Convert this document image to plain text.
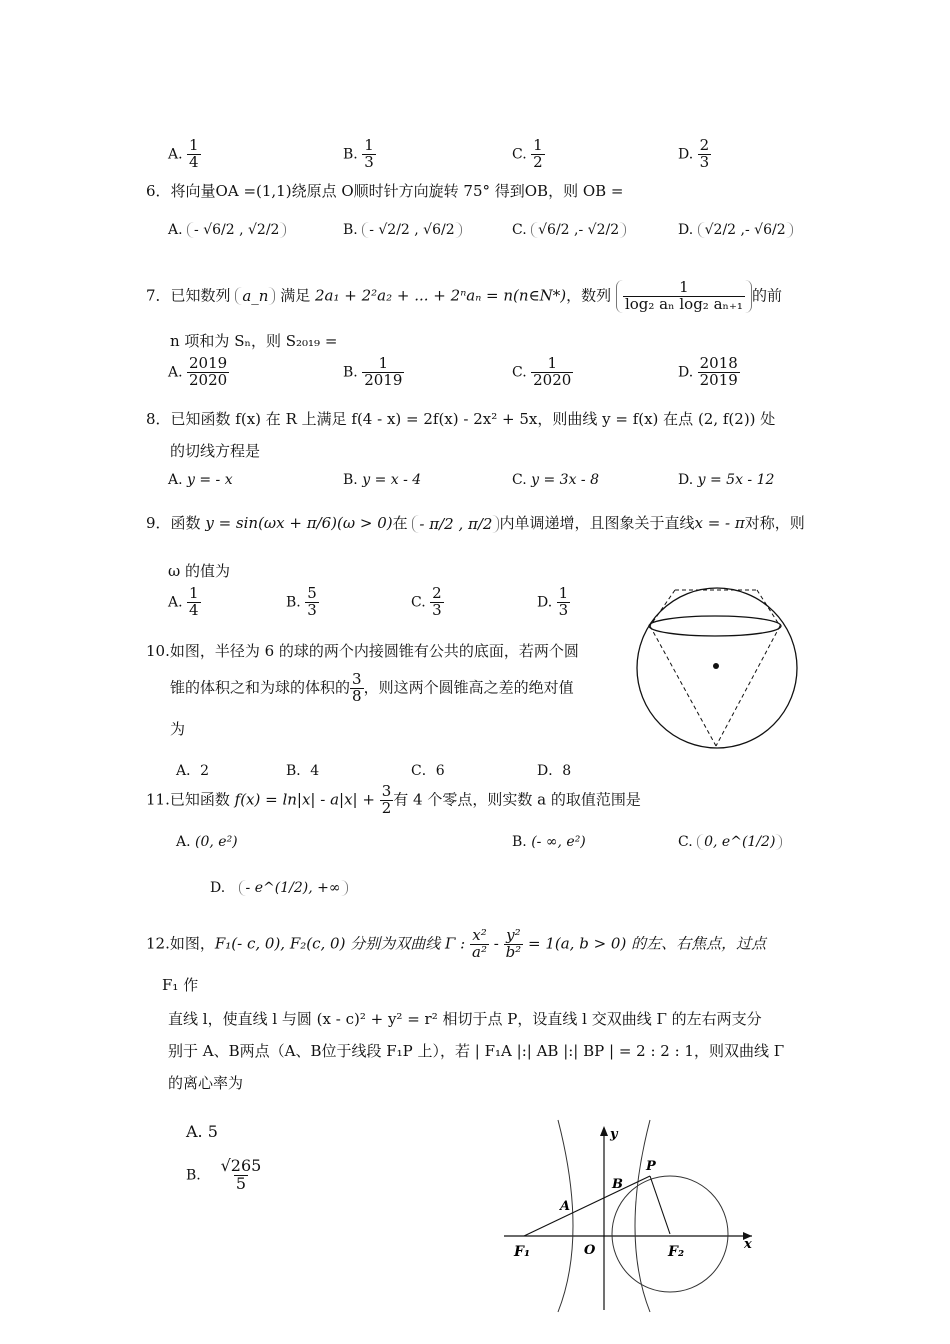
A. $\frac{1}{4}$	B. $\frac{1}{3}$	C. $\frac{1}{2}$	D. $\frac{2}{3}$
6．将向量OA =(1,1)绕原点 O顺时针方向旋转 75° 得到OB，则 OB =
A. - √6/2 , √2/2	B. - √2/2 , √6/2	C. √6/2 ,- √2/2	D. √2/2 ,- √6/2
7．已知数列 a_n 满足 2a₁ + 2²a₂ + ... + 2ⁿaₙ = n(n∈N*)，数列 $\frac{1}{\text{log₂ aₙ log₂ aₙ₊₁}}$ 的前
n 项和为 Sₙ，则 S₂₀₁₉ =
A. $\frac{2019}{2020}$	B. $\frac{1}{2019}$	C. $\frac{1}{2020}$	D. $\frac{2018}{2019}$
8．已知函数 f(x) 在 R 上满足 f(4 - x) = 2f(x) - 2x² + 5x，则曲线 y = f(x) 在点 (2, f(2)) 处
的切线方程是
A. y = - x	B. y = x - 4	C. y = 3x - 8	D. y = 5x - 12
9．函数 y = sin(ωx + π/6)(ω > 0)在 - π/2 , π/2 内单调递增，且图象关于直线x = - π对称，则
ω 的值为
A. $\frac{1}{4}$	B. $\frac{5}{3}$	C. $\frac{2}{3}$	D. $\frac{1}{3}$
10.如图，半径为 6 的球的两个内接圆锥有公共的底面，若两个圆
锥的体积之和为球的体积的 $\frac{3}{8}$ ，则这两个圆锥高之差的绝对值
为
A．2	B．4	C．6	D．8
11.已知函数 $f(x) = \ln|x| - a|x| + \frac{3}{2}$ 有 4 个零点，则实数 a 的取值范围是
A. (0, e²)	B. (- ∞, e²)	C. 0, e^(1/2)
D. - e^(1/2), +∞
12.如图，F₁(- c, 0), F₂(c, 0) 分别为双曲线 Γ : $\frac{\text{x²}}{\text{a²}} - \frac{\text{y²}}{\text{b²}} = 1(a$, b > 0) 的左、右焦点，过点
F₁ 作
直线 l，使直线 l 与圆 (x - c)² + y² = r² 相切于点 P，设直线 l 交双曲线 Γ 的左右两支分
别于 A、B两点（A、B位于线段 F₁P 上），若 | F₁A |:| AB |:| BP | = 2 : 2 : 1，则双曲线 Γ
的离心率为
A. 5
B. $\frac{√265}{5}$
F₁	O	F₂
A
B
P
y
x
